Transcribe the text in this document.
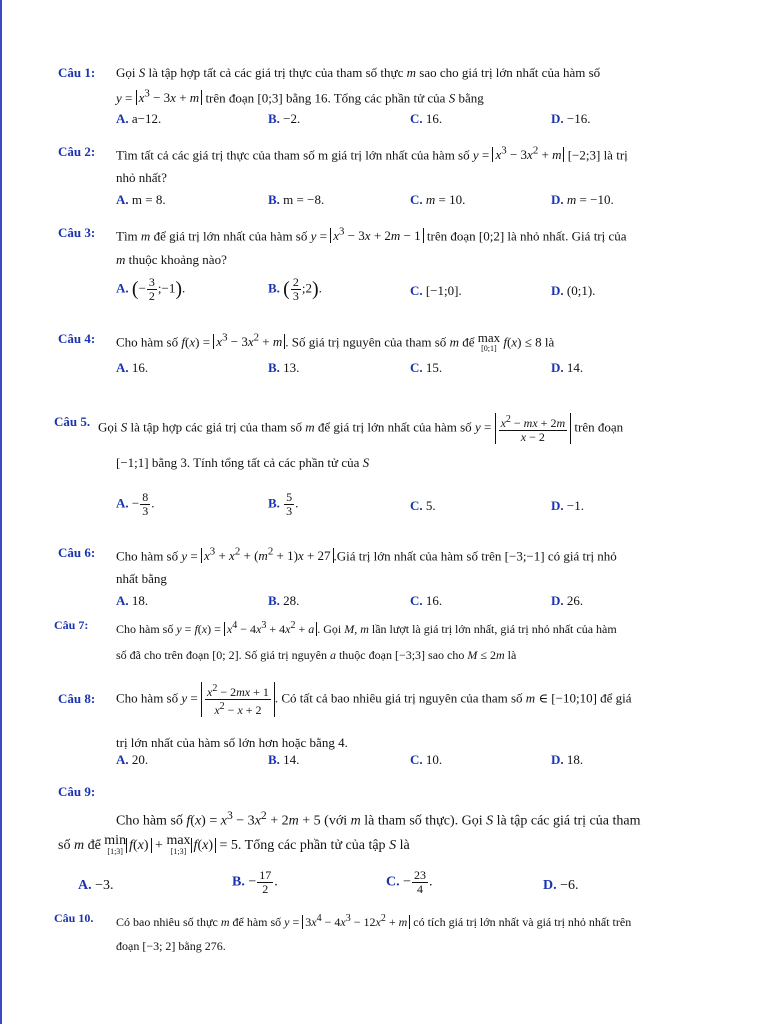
Câu 1: Gọi S là tập hợp tất cả các giá trị thực của tham số thực m sao cho giá trị lớn nhất của hàm số
$y = x^3 - 3x + m$ trên đoạn [0;3] bằng 16. Tổng các phần tử của S bằng
A. a−12.	B. −2.	C. 16.	D. −16.
Câu 2: Tìm tất cả các giá trị thực của tham số m giá trị lớn nhất của hàm số $y = x^3 - 3x^2 + m$ [−2;3] là trị
nhỏ nhất?
A. m = 8.	B. m = −8.	C. m = 10.	D. m = −10.
Câu 3: Tìm m để giá trị lớn nhất của hàm số $y = x^3 - 3x + 2m - 1$ trên đoạn [0;2] là nhỏ nhất. Giá trị của
m thuộc khoảng nào?
A. (− $\frac{3}{2}$ ;−1).	B. ( $\frac{2}{3}$ ;2).	C. [−1;0].	D. (0;1).
Câu 4: Cho hàm số $f(x) = x^3 - 3x^2 + m$ . Số giá trị nguyên của tham số m để max
[0;1] f(x) ≤ 8 là
A. 16.	B. 13.	C. 15.	D. 14.
Câu 5. Gọi S là tập hợp các giá trị của tham số m để giá trị lớn nhất của hàm số $y = \frac{x^2 - mx + 2m}{x - 2}$ trên đoạn
[−1;1] bằng 3. Tính tổng tất cả các phần tử của S
A. − $\frac{8}{3}$ .	B. $\frac{5}{3}$ .	C. 5.	D. −1.
Câu 6: Cho hàm số $y = x^3 + x^2 + (m^2 + 1)x + 27$ .Giá trị lớn nhất của hàm số trên [−3;−1] có giá trị nhỏ
nhất bằng
A. 18.	B. 28.	C. 16.	D. 26.
Câu 7: Cho hàm số $y = f(x) = x^4 - 4x^3 + 4x^2 + a$ . Gọi M, m lần lượt là giá trị lớn nhất, giá trị nhỏ nhất của hàm
số đã cho trên đoạn [0; 2]. Số giá trị nguyên a thuộc đoạn [−3;3] sao cho M ≤ 2m là
Câu 8: Cho hàm số $y = \frac{x^2 - 2mx + 1}{x^2 - x + 2}$ . Có tất cả bao nhiêu giá trị nguyên của tham số m ∈ [−10;10] để giá
trị lớn nhất của hàm số lớn hơn hoặc bằng 4.
A. 20.	B. 14.	C. 10.	D. 18.
Câu 9:
Cho hàm số $f(x) = x^3 - 3x^2 + 2m + 5$ (với m là tham số thực). Gọi S là tập các giá trị của tham
số m để min
[1;3] f(x) + max
[1;3] f(x) = 5. Tổng các phần tử của tập S là
A. −3.	B. − $\frac{17}{2}$ .	C. − $\frac{23}{4}$ .	D. −6.
Câu 10. Có bao nhiêu số thực m để hàm số $y = 3x^4 - 4x^3 - 12x^2 + m$ có tích giá trị lớn nhất và giá trị nhỏ nhất trên
đoạn [−3; 2] bằng 276.
